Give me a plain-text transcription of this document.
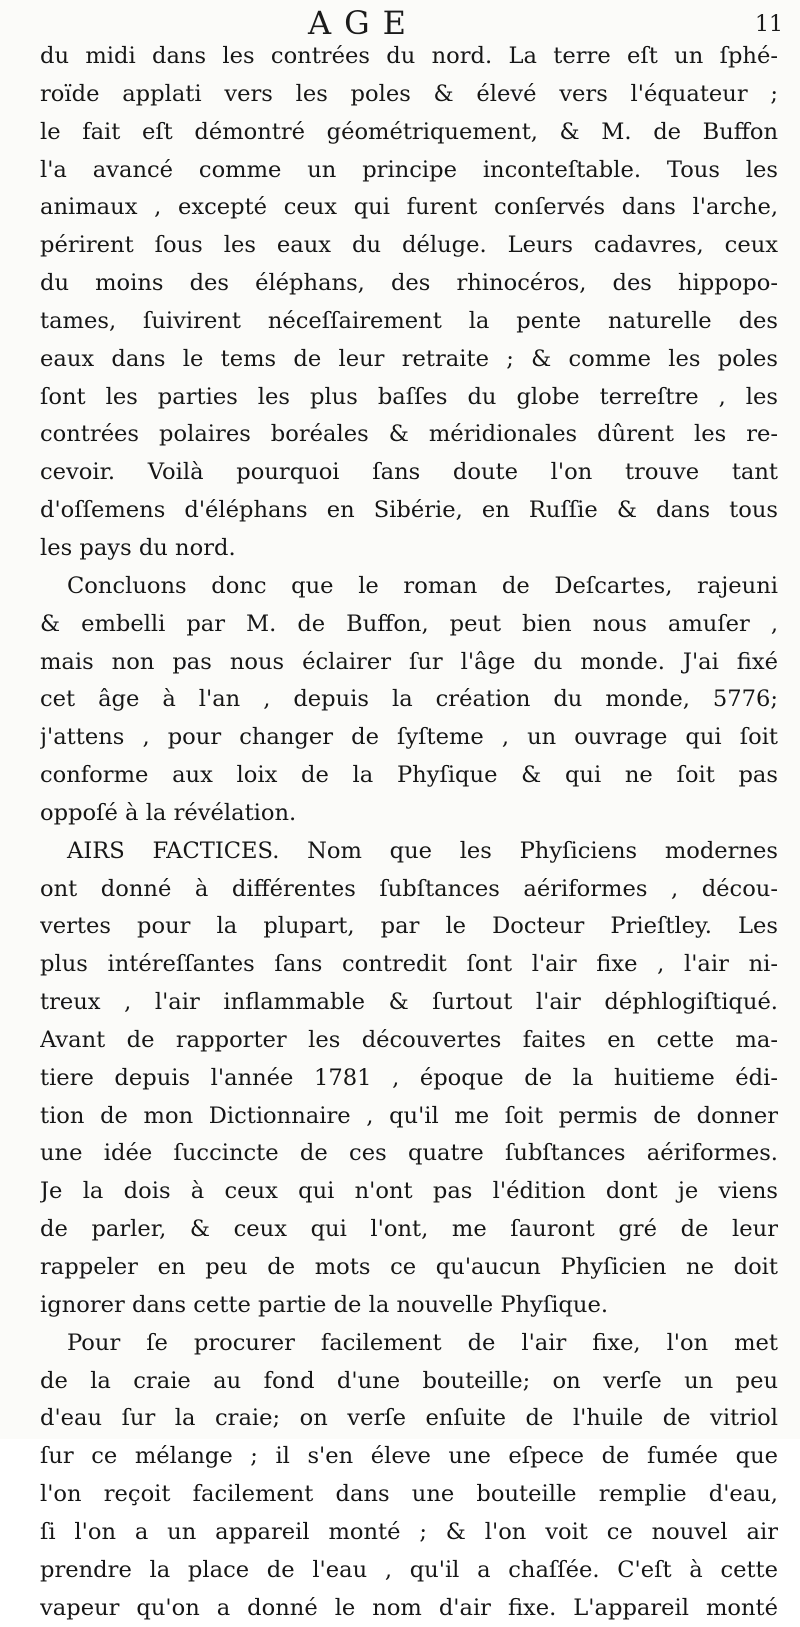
AGE	11
du midi dans les contrées du nord. La terre eſt un ſphé-
roïde applati vers les poles & élevé vers l'équateur ;
le fait eſt démontré géométriquement, & M. de Buffon
l'a avancé comme un principe inconteſtable. Tous les
animaux , excepté ceux qui furent conſervés dans l'arche,
périrent ſous les eaux du déluge. Leurs cadavres, ceux
du moins des éléphans, des rhinocéros, des hippopo-
tames, ſuivirent néceſſairement la pente naturelle des
eaux dans le tems de leur retraite ; & comme les poles
ſont les parties les plus baſſes du globe terreſtre , les
contrées polaires boréales & méridionales dûrent les re-
cevoir. Voilà pourquoi ſans doute l'on trouve tant
d'oſſemens d'éléphans en Sibérie, en Ruſſie & dans tous
les pays du nord.
Concluons donc que le roman de Deſcartes, rajeuni
& embelli par M. de Buffon, peut bien nous amuſer ,
mais non pas nous éclairer ſur l'âge du monde. J'ai fixé
cet âge à l'an , depuis la création du monde, 5776;
j'attens , pour changer de ſyſteme , un ouvrage qui ſoit
conforme aux loix de la Phyſique & qui ne ſoit pas
oppoſé à la révélation.
AIRS FACTICES. Nom que les Phyſiciens modernes
ont donné à différentes ſubſtances aériformes , décou-
vertes pour la plupart, par le Docteur Prieſtley. Les
plus intéreſſantes ſans contredit ſont l'air fixe , l'air ni-
treux , l'air inflammable & ſurtout l'air déphlogiſtiqué.
Avant de rapporter les découvertes faites en cette ma-
tiere depuis l'année 1781 , époque de la huitieme édi-
tion de mon Dictionnaire , qu'il me ſoit permis de donner
une idée ſuccincte de ces quatre ſubſtances aériformes.
Je la dois à ceux qui n'ont pas l'édition dont je viens
de parler, & ceux qui l'ont, me ſauront gré de leur
rappeler en peu de mots ce qu'aucun Phyſicien ne doit
ignorer dans cette partie de la nouvelle Phyſique.
Pour ſe procurer facilement de l'air fixe, l'on met
de la craie au fond d'une bouteille; on verſe un peu
d'eau ſur la craie; on verſe enſuite de l'huile de vitriol
ſur ce mélange ; il s'en éleve une eſpece de fumée que
l'on reçoit facilement dans une bouteille remplie d'eau,
ſi l'on a un appareil monté ; & l'on voit ce nouvel air
prendre la place de l'eau , qu'il a chaſſée. C'eſt à cette
vapeur qu'on a donné le nom d'air fixe. L'appareil monté
